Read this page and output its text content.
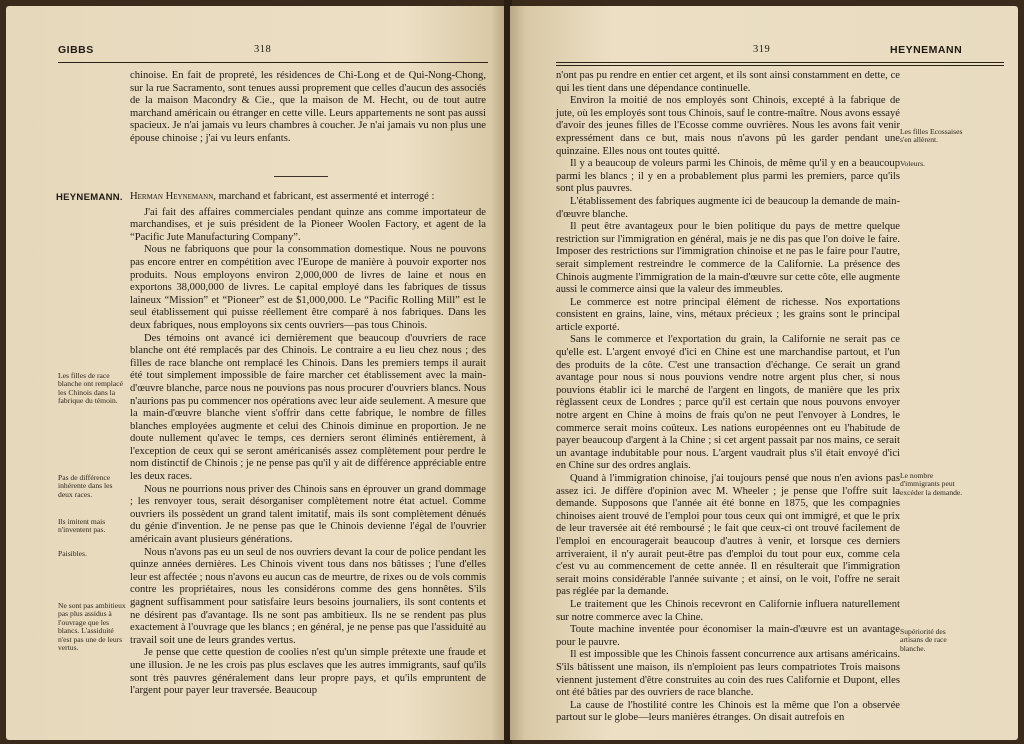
GIBBS	318

chinoise. En fait de propreté, les résidences de Chi-Long et de Qui-Nong-Chong, sur la rue Sacramento, sont tenues aussi proprement que celles d'aucun des associés de la maison Macondry & Cie., que la maison de M. Hecht, ou de tout autre marchand américain ou étranger en cette ville. Leurs appartements ne sont pas aussi spacieux. Je n'ai jamais vu leurs chambres à coucher. Je n'ai jamais vu non plus une épouse chinoise ; j'ai vu leurs enfants.

HEYNEMANN. Herman Heynemann, marchand et fabricant, est assermenté et interrogé :

J'ai fait des affaires commerciales pendant quinze ans comme importateur de marchandises, et je suis président de la Pioneer Woolen Factory, et agent de la “Pacific Jute Manufacturing Company”.

Nous ne fabriquons que pour la consommation domestique. Nous ne pouvons pas encore entrer en compétition avec l'Europe de manière à pouvoir exporter nos produits. Nous employons environ 2,000,000 de livres de laine et nous en exportons 38,000,000 de livres. Le capital employé dans les fabriques de tissus laineux “Mission” et “Pioneer” est de $1,000,000. Le “Pacific Rolling Mill” est le seul établissement qui puisse réellement être comparé à nos fabriques. Dans les deux fabriques, nous employons six cents ouvriers—pas tous Chinois.

Des témoins ont avancé ici dernièrement que beaucoup d'ouvriers de race blanche ont été remplacés par des Chinois. Le contraire a eu lieu chez nous ; des filles de race blanche ont remplacé les Chinois. Dans les premiers temps il aurait été tout simplement impossible de faire marcher cet établissement avec la main-d'œuvre blanche, parce nous ne pouvions pas nous procurer d'ouvriers blancs. Nous n'aurions pas pu commencer nos opérations avec leur aide seulement. A mesure que la main-d'œuvre blanche vient s'offrir dans cette fabrique, le nombre de filles blanches employées augmente et celui des Chinois diminue en proportion. Je ne doute nullement qu'avec le temps, ces derniers seront éliminés entièrement, à l'exception de ceux qui se seront américanisés assez complètement pour perdre le nom distinctif de Chinois ; je ne pense pas qu'il y ait de différence appréciable entre les deux races.

Nous ne pourrions nous priver des Chinois sans en éprouver un grand dommage ; les renvoyer tous, serait désorganiser complètement notre état actuel. Comme ouvriers ils possèdent un grand talent imitatif, mais ils sont complètement dénués du génie d'invention. Je ne pense pas que le Chinois devienne l'égal de l'ouvrier américain avant plusieurs générations.

Nous n'avons pas eu un seul de nos ouvriers devant la cour de police pendant les quinze années dernières. Les Chinois vivent tous dans nos bâtisses ; l'une d'elles leur est affectée ; nous n'avons eu aucun cas de meurtre, de rixes ou de vols commis contre les propriétaires, nous les considérons comme des gens honnêtes. S'ils gagnent suffisamment pour satisfaire leurs besoins journaliers, ils sont contents et ne désirent pas d'avantage. Ils ne sont pas ambitieux. Ils ne se rendent pas plus exactement à l'ouvrage que les blancs ; en général, je ne pense pas que l'assiduité au travail soit une de leurs grandes vertus.

Je pense que cette question de coolies n'est qu'un simple prétexte une fraude et une illusion. Je ne les crois pas plus esclaves que les autres immigrants, sauf qu'ils sont très pauvres généralement dans leur propre pays, et qu'ils empruntent de l'argent pour payer leur traversée. Beaucoup

Les filles de race blanche ont remplacé les Chinois dans la fabrique du témoin.
Pas de différence inhérente dans les deux races.
Ils imitent mais n'inventent pas.
Paisibles.
Ne sont pas ambitieux pas plus assidus à l'ouvrage que les blancs. L'assiduité n'est pas une de leurs vertus.
319	HEYNEMANN

n'ont pas pu rendre en entier cet argent, et ils sont ainsi constamment en dette, ce qui les tient dans une dépendance continuelle.

Environ la moitié de nos employés sont Chinois, excepté à la fabrique de jute, où les employés sont tous Chinois, sauf le contre-maître. Nous avons essayé d'avoir des jeunes filles de l'Ecosse comme ouvrières. Nous les avons fait venir expressément dans ce but, mais nous n'avons pû les garder pendant une quinzaine. Elles nous ont toutes quitté.

Il y a beaucoup de voleurs parmi les Chinois, de même qu'il y en a beaucoup parmi les blancs ; il y en a probablement plus parmi les premiers, parce qu'ils sont plus pauvres.

L'établissement des fabriques augmente ici de beaucoup la demande de main-d'œuvre blanche.

Il peut être avantageux pour le bien politique du pays de mettre quelque restriction sur l'immigration en général, mais je ne dis pas que l'on doive le faire. Imposer des restrictions sur l'immigration chinoise et ne pas le faire pour l'autre, serait simplement restreindre le commerce de la Californie. La présence des Chinois augmente l'immigration de la main-d'œuvre sur cette côte, elle augmente aussi le commerce ainsi que la valeur des immeubles.

Le commerce est notre principal élément de richesse. Nos exportations consistent en grains, laine, vins, métaux précieux ; les grains sont le principal article exporté.

Sans le commerce et l'exportation du grain, la Californie ne serait pas ce qu'elle est. L'argent envoyé d'ici en Chine est une marchandise partout, et l'un des produits de la côte. C'est une transaction d'échange. Ce serait un grand avantage pour nous si nous pouvions vendre notre argent plus cher, si nous pouvions établir ici le marché de l'argent en lingots, de manière que les prix règlassent ceux de Londres ; parce qu'il est certain que nous pouvons envoyer notre argent en Chine à moins de frais qu'on ne peut l'envoyer à Londres, le commerce serait moins coûteux. Les nations européennes ont eu l'habitude de payer beaucoup d'argent à la Chine ; si cet argent passait par nos mains, ce serait un avantage indubitable pour nous. L'argent vaudrait plus s'il était envoyé d'ici en Chine sur des ordres anglais.

Quand à l'immigration chinoise, j'ai toujours pensé que nous n'en avions pas assez ici. Je diffère d'opinion avec M. Wheeler ; je pense que l'offre suit la demande. Supposons que l'année ait été bonne en 1875, que les compagnies chinoises aient trouvé de l'emploi pour tous ceux qui ont immigré, et que le prix de leur traversée ait été remboursé ; le fait que ceux-ci ont trouvé facilement de l'emploi en encouragerait beaucoup d'autres à venir, et lorsque ces derniers arriveraient, il n'y aurait peut-être pas d'emploi du tout pour eux, comme cela c'est vu au commencement de cette année. Il en résulterait que l'immigration serait moins considérable l'année suivante ; et ainsi, on le voit, l'offre ne serait pas réglée par la demande.

Le traitement que les Chinois recevront en Californie influera naturellement sur notre commerce avec la Chine.

Toute machine inventée pour économiser la main-d'œuvre est un avantage pour le pauvre.

Il est impossible que les Chinois fassent concurrence aux artisans américains. S'ils bâtissent une maison, ils n'emploient pas leurs compatriotes Trois maisons viennent justement d'être construites au coin des rues Californie et Dupont, elles ont été bâties par des ouvriers de race blanche.

La cause de l'hostilité contre les Chinois est la même que l'on a observée partout sur le globe—leurs manières étranges. On disait autrefois en

Les filles Ecossaises s'en allèrent.
Voleurs.
Le nombre d'immigrants peut excéder la demande.
Supériorité des artisans de race blanche.
